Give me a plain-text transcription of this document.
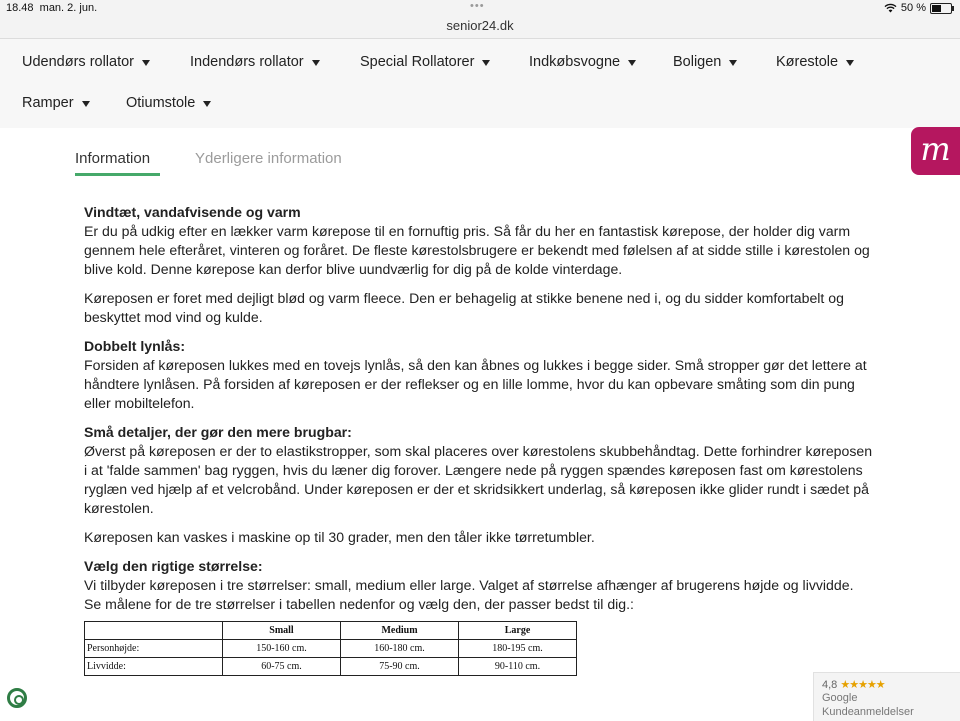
18.48 man. 2. jun.	•••
senior24.dk
50 %
Udendørs rollator	Indendørs rollator	Special Rollatorer	Indkøbsvogne	Boligen	Kørestole
Ramper	Otiumstole
Information	Yderligere information	m

Vindtæt, vandafvisende og varm
Er du på udkig efter en lækker varm kørepose til en fornuftig pris. Så får du her en fantastisk kørepose, der holder dig varm gennem hele efteråret, vinteren og foråret. De fleste kørestolsbrugere er bekendt med følelsen af at sidde stille i kørestolen og blive kold. Denne kørepose kan derfor blive uundværlig for dig på de kolde vinterdage.

Køreposen er foret med dejligt blød og varm fleece. Den er behagelig at stikke benene ned i, og du sidder komfortabelt og beskyttet mod vind og kulde.

Dobbelt lynlås:
Forsiden af køreposen lukkes med en tovejs lynlås, så den kan åbnes og lukkes i begge sider. Små stropper gør det lettere at håndtere lynlåsen. På forsiden af køreposen er der reflekser og en lille lomme, hvor du kan opbevare småting som din pung eller mobiltelefon.

Små detaljer, der gør den mere brugbar:
Øverst på køreposen er der to elastikstropper, som skal placeres over kørestolens skubbehåndtag. Dette forhindrer køreposen i at 'falde sammen' bag ryggen, hvis du læner dig forover. Længere nede på ryggen spændes køreposen fast om kørestolens ryglæn ved hjælp af et velcrobånd. Under køreposen er der et skridsikkert underlag, så køreposen ikke glider rundt i sædet på kørestolen.

Køreposen kan vaskes i maskine op til 30 grader, men den tåler ikke tørretumbler.

Vælg den rigtige størrelse:
Vi tilbyder køreposen i tre størrelser: small, medium eller large. Valget af størrelse afhænger af brugerens højde og livvidde. Se målene for de tre størrelser i tabellen nedenfor og vælg den, der passer bedst til dig.:

	Small	Medium	Large
Personhøjde:	150-160 cm.	160-180 cm.	180-195 cm.
Livvidde:	60-75 cm.	75-90 cm.	90-110 cm.
4,8 ★★★★★
Google
Kundeanmeldelser
